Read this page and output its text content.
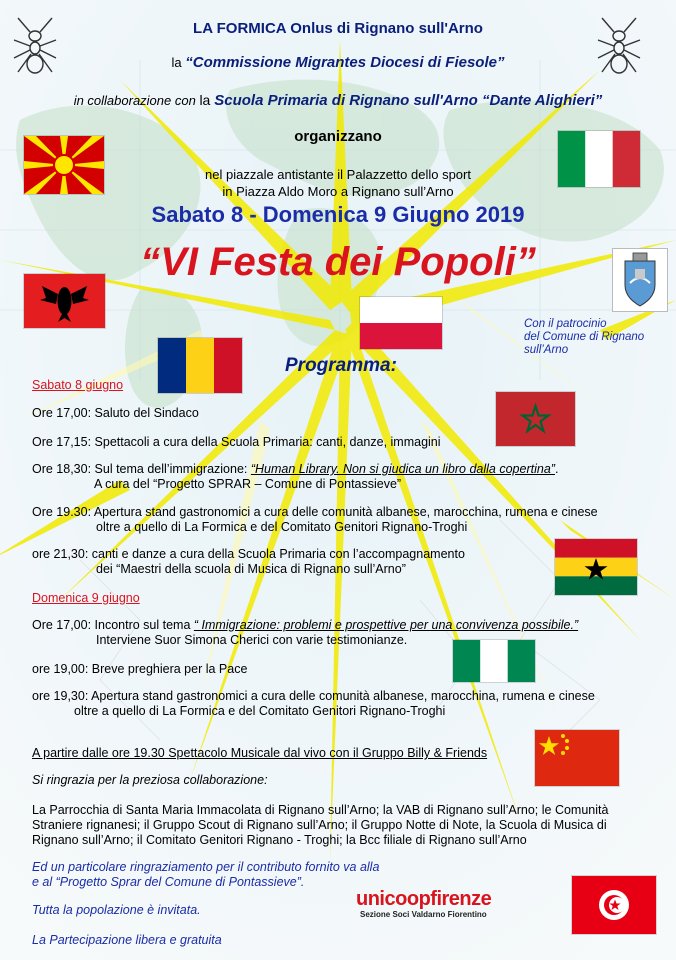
LA FORMICA Onlus di Rignano sull'Arno
la “Commissione Migrantes Diocesi di Fiesole”
in collaborazione con la Scuola Primaria di Rignano sull'Arno “Dante Alighieri”
organizzano
nel piazzale antistante il Palazzetto dello sport
in Piazza Aldo Moro a Rignano sull’Arno
Sabato 8 - Domenica 9 Giugno 2019
“VI Festa dei Popoli”
Con il patrocinio
del Comune di Rignano
sull’Arno
Programma:
Sabato 8 giugno
Ore 17,00: Saluto del Sindaco
Ore 17,15: Spettacoli a cura della Scuola Primaria: canti, danze, immagini
Ore 18,30: Sul tema dell’immigrazione: “Human Library. Non si giudica un libro dalla copertina”.
A cura del “Progetto SPRAR – Comune di Pontassieve”
Ore 19.30: Apertura stand gastronomici a cura delle comunità albanese, marocchina, rumena e cinese
oltre a quello di La Formica e del Comitato Genitori Rignano-Troghi
ore 21,30: canti e danze a cura della Scuola Primaria con l’accompagnamento
dei “Maestri della scuola di Musica di Rignano sull’Arno”
Domenica 9 giugno
Ore 17,00: Incontro sul tema “ Immigrazione: problemi e prospettive per una convivenza possibile.”
Interviene Suor Simona Cherici con varie testimonianze.
ore 19,00: Breve preghiera per la Pace
ore 19,30: Apertura stand gastronomici a cura delle comunità albanese, marocchina, rumena e cinese
oltre a quello di La Formica e del Comitato Genitori Rignano-Troghi
A partire dalle ore 19.30 Spettacolo Musicale dal vivo con il Gruppo Billy & Friends
Si ringrazia per la preziosa collaborazione:
La Parrocchia di Santa Maria Immacolata di Rignano sull’Arno; la VAB di Rignano sull’Arno; le Comunità
Straniere rignanesi; il Gruppo Scout di Rignano sull’Arno; il Gruppo Notte di Note, la Scuola di Musica di
Rignano sull’Arno; il Comitato Genitori Rignano - Troghi; la Bcc filiale di Rignano sull’Arno
Ed un particolare ringraziamento per il contributo fornito va alla
e al “Progetto Sprar del Comune di Pontassieve”.
Tutta la popolazione è invitata.
La Partecipazione libera e gratuita
unicoopfirenze
Sezione Soci Valdarno Fiorentino
